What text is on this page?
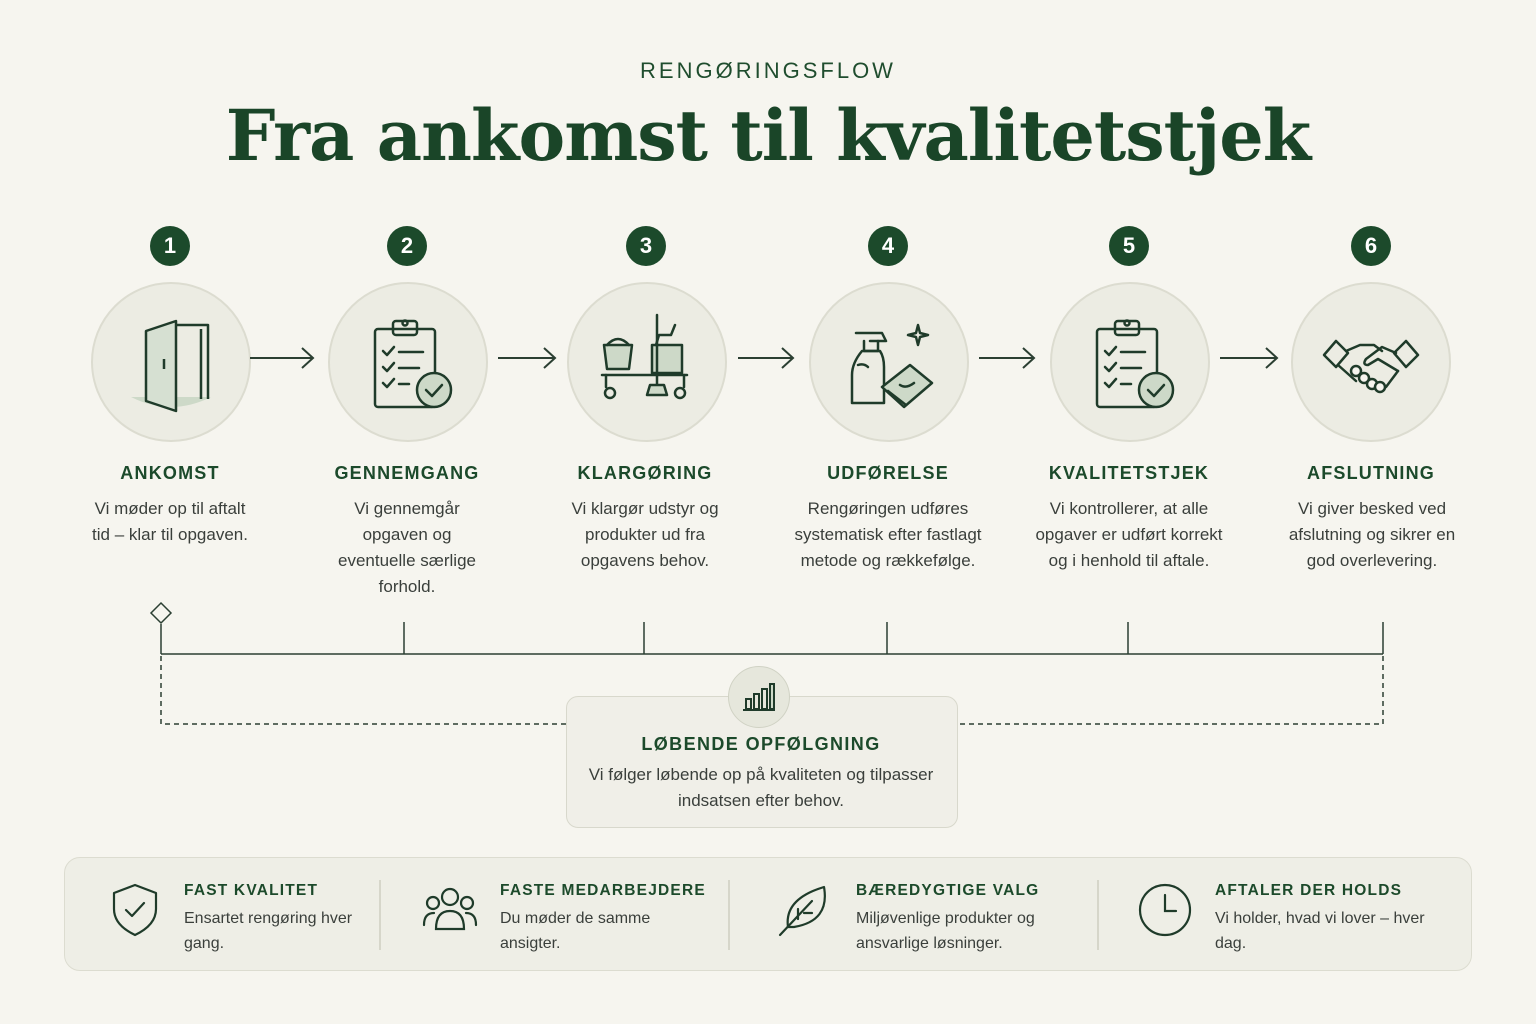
RENGØRINGSFLOW
Fra ankomst til kvalitetstjek
1
ANKOMST
Vi møder op til aftalt tid – klar til opgaven.
2
GENNEMGANG
Vi gennemgår opgaven og eventuelle særlige forhold.
3
KLARGØRING
Vi klargør udstyr og produkter ud fra opgavens behov.
4
UDFØRELSE
Rengøringen udføres systematisk efter fastlagt metode og rækkefølge.
5
KVALITETSTJEK
Vi kontrollerer, at alle opgaver er udført korrekt og i henhold til aftale.
6
AFSLUTNING
Vi giver besked ved afslutning og sikrer en god overlevering.
LØBENDE OPFØLGNING
Vi følger løbende op på kvaliteten og tilpasser indsatsen efter behov.
FAST KVALITET
Ensartet rengøring hver gang.
FASTE MEDARBEJDERE
Du møder de samme ansigter.
BÆREDYGTIGE VALG
Miljøvenlige produkter og ansvarlige løsninger.
AFTALER DER HOLDS
Vi holder, hvad vi lover – hver dag.
